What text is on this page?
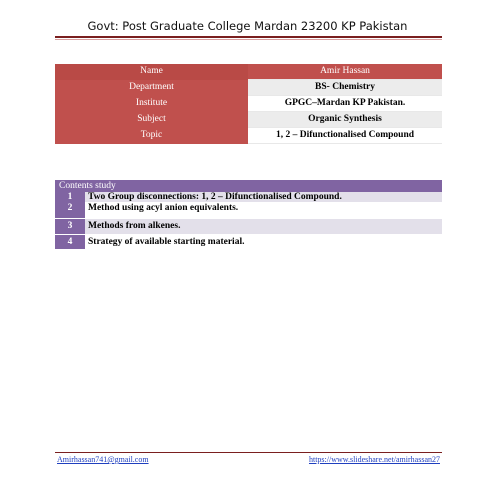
Govt: Post Graduate College Mardan 23200 KP Pakistan
Name	Amir Hassan
Department	BS- Chemistry
Institute	GPGC–Mardan KP Pakistan.
Subject	Organic Synthesis
Topic	1, 2 – Difunctionalised Compound
Contents study
1	Two Group disconnections: 1, 2 – Difunctionalised Compound.
2	Method using acyl anion equivalents.
3	Methods from alkenes.
4	Strategy of available starting material.
Amirhassan741@gmail.com	https://www.slideshare.net/amirhassan27
